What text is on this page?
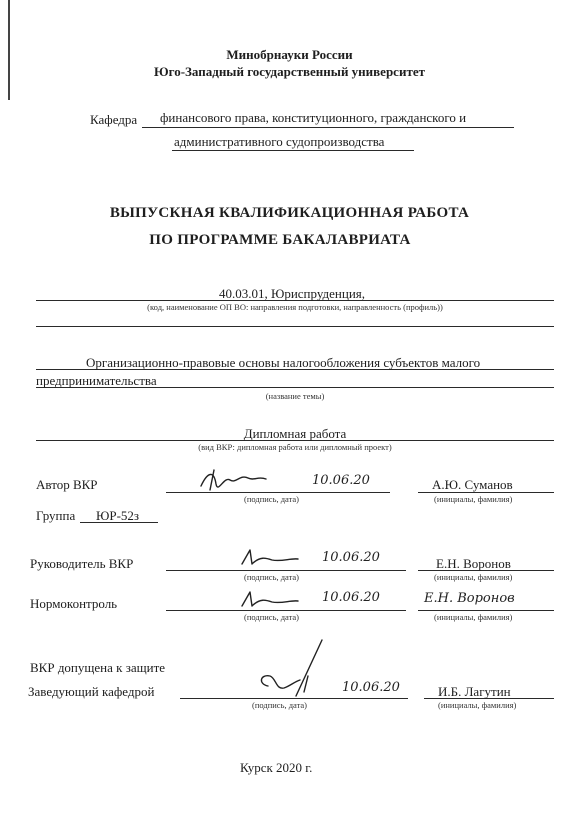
Минобрнауки России
Юго-Западный государственный университет
Кафедра финансового права, конституционного, гражданского и
административного судопроизводства
ВЫПУСКНАЯ КВАЛИФИКАЦИОННАЯ РАБОТА
ПО ПРОГРАММЕ БАКАЛАВРИАТА
40.03.01, Юриспруденция,
(код, наименование ОП ВО: направления подготовки, направленность (профиль))
Организационно-правовые основы налогообложения субъектов малого
предпринимательства
(название темы)
Дипломная работа
(вид ВКР: дипломная работа или дипломный проект)
Автор ВКР	10.06.20
(подпись, дата)
А.Ю. Суманов
(инициалы, фамилия)
Группа ЮР-52з
Руководитель ВКР	10.06.20
(подпись, дата)
Е.Н. Воронов
(инициалы, фамилия)
Нормоконтроль	10.06.20
(подпись, дата)
Е.Н. Воронов
(инициалы, фамилия)
ВКР допущена к защите
Заведующий кафедрой	10.06.20
(подпись, дата)
И.Б. Лагутин
(инициалы, фамилия)
Курск 2020 г.
